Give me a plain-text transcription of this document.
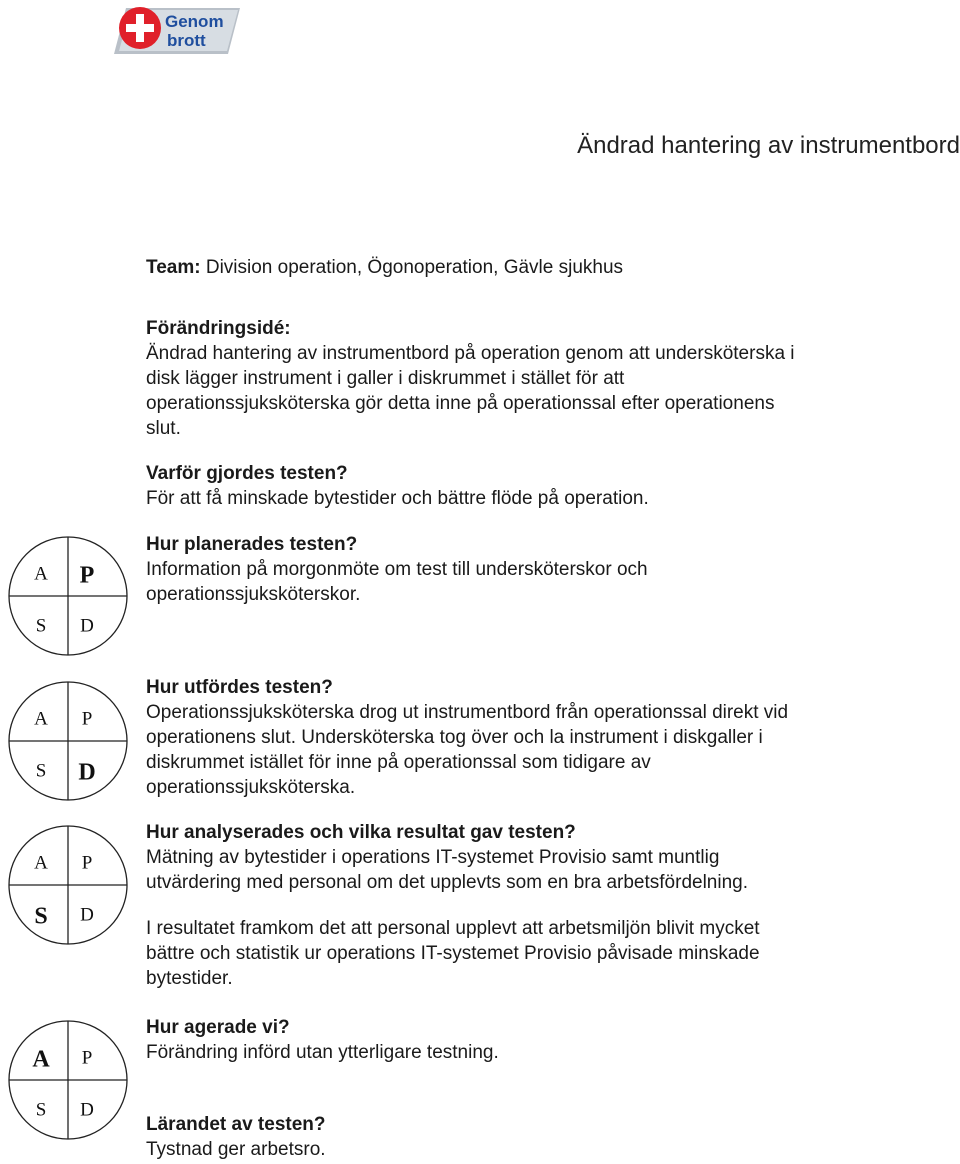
Genom
brott
Ändrad hantering av instrumentbord
Team: Division operation, Ögonoperation, Gävle sjukhus

Förändringsidé:

Ändrad hantering av instrumentbord på operation genom att undersköterska i

disk lägger instrument i galler i diskrummet i stället för att

operationssjuksköterska gör detta inne på operationssal efter operationens

slut.

Varför gjordes testen?

För att få minskade bytestider och bättre flöde på operation.

Hur planerades testen?

Information på morgonmöte om test till undersköterskor och

operationssjuksköterskor.

Hur utfördes testen?

Operationssjuksköterska drog ut instrumentbord från operationssal direkt vid

operationens slut. Undersköterska tog över och la instrument i diskgaller i

diskrummet istället för inne på operationssal som tidigare av

operationssjuksköterska.

Hur analyserades och vilka resultat gav testen?

Mätning av bytestider i operations IT-systemet Provisio samt muntlig

utvärdering med personal om det upplevts som en bra arbetsfördelning.

I resultatet framkom det att personal upplevt att arbetsmiljön blivit mycket

bättre och statistik ur operations IT-systemet Provisio påvisade minskade

bytestider.

Hur agerade vi?

Förändring införd utan ytterligare testning.

Lärandet av testen?

Tystnad ger arbetsro.

A P
S D
A P
S D
A P
S D
A P
S D
